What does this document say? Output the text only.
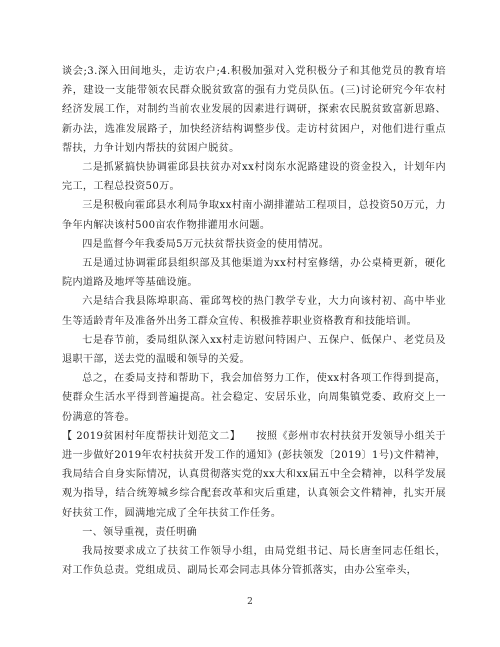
谈会;3.深入田间地头，走访农户;4.积极加强对入党积极分子和其他党员的教育培养，建设一支能带领农民群众脱贫致富的强有力党员队伍。(三)讨论研究今年农村经济发展工作，对制约当前农业发展的因素进行调研，探索农民脱贫致富新思路、新办法，选准发展路子，加快经济结构调整步伐。走访村贫困户，对他们进行重点帮扶，力争计划内帮扶的贫困户脱贫。

二是抓紧搞快协调霍邱县扶贫办对xx村岗东水泥路建设的资金投入，计划年内完工，工程总投资50万。

三是积极向霍邱县水利局争取xx村南小湖排灌站工程项目，总投资50万元，力争年内解决该村500亩农作物排灌用水问题。

四是监督今年我委局5万元扶贫帮扶资金的使用情况。

五是通过协调霍邱县组织部及其他渠道为xx村村室修缮，办公桌椅更新，硬化院内道路及地坪等基础设施。

六是结合我县陈埠职高、霍邱驾校的热门教学专业，大力向该村初、高中毕业生等适龄青年及准备外出务工群众宣传、积极推荐职业资格教育和技能培训。

七是春节前，委局组队深入xx村走访慰问特困户、五保户、低保户、老党员及退职干部，送去党的温暖和领导的关爱。

总之，在委局支持和帮助下，我会加倍努力工作，使xx村各项工作得到提高，使群众生活水平得到普遍提高。社会稳定、安居乐业，向周集镇党委、政府交上一份满意的答卷。

【 2019贫困村年度帮扶计划范文二】　　按照《彭州市农村扶贫开发领导小组关于进一步做好2019年农村扶贫开发工作的通知》(彭扶领发〔2019〕1号)文件精神，我局结合自身实际情况，认真贯彻落实党的xx大和xx届五中全会精神，以科学发展观为指导，结合统筹城乡综合配套改革和灾后重建，认真领会文件精神，扎实开展好扶贫工作，圆满地完成了全年扶贫工作任务。

一、领导重视，责任明确

我局按要求成立了扶贫工作领导小组，由局党组书记、局长唐奎同志任组长，对工作负总责。党组成员、副局长邓会同志具体分管抓落实，由办公室牵头，

2
